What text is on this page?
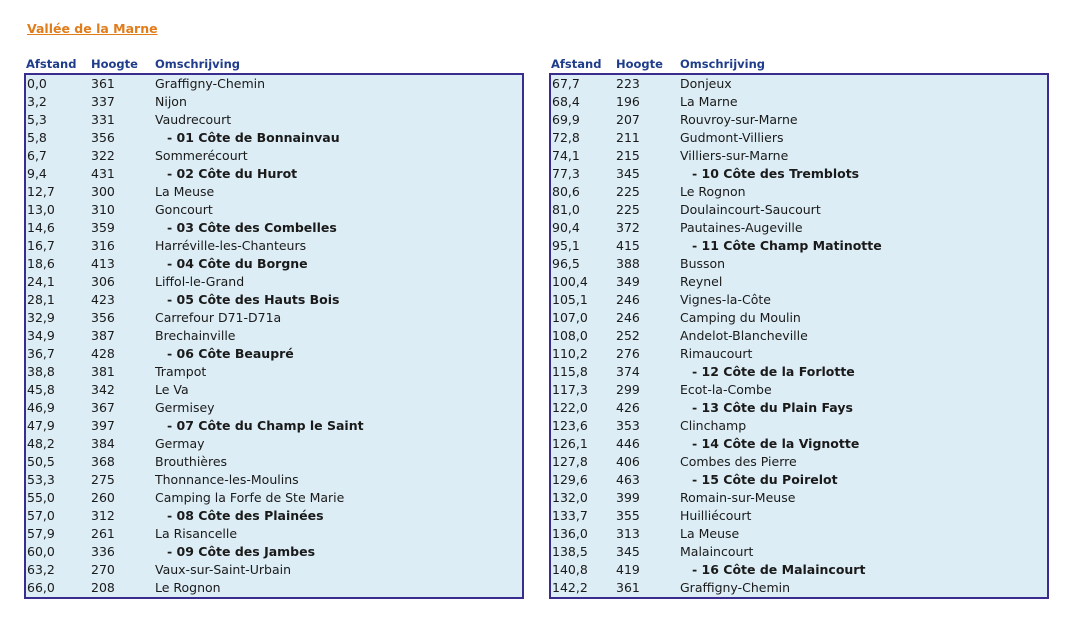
Vallée de la Marne
Afstand Hoogte Omschrijving
0,0	361	Graffigny-Chemin
3,2	337	Nijon
5,3	331	Vaudrecourt
5,8	356	- 01 Côte de Bonnainvau
6,7	322	Sommerécourt
9,4	431	- 02 Côte du Hurot
12,7	300	La Meuse
13,0	310	Goncourt
14,6	359	- 03 Côte des Combelles
16,7	316	Harréville-les-Chanteurs
18,6	413	- 04 Côte du Borgne
24,1	306	Liffol-le-Grand
28,1	423	- 05 Côte des Hauts Bois
32,9	356	Carrefour D71-D71a
34,9	387	Brechainville
36,7	428	- 06 Côte Beaupré
38,8	381	Trampot
45,8	342	Le Va
46,9	367	Germisey
47,9	397	- 07 Côte du Champ le Saint
48,2	384	Germay
50,5	368	Brouthières
53,3	275	Thonnance-les-Moulins
55,0	260	Camping la Forfe de Ste Marie
57,0	312	- 08 Côte des Plainées
57,9	261	La Risancelle
60,0	336	- 09 Côte des Jambes
63,2	270	Vaux-sur-Saint-Urbain
66,0	208	Le Rognon
Afstand Hoogte Omschrijving
67,7	223	Donjeux
68,4	196	La Marne
69,9	207	Rouvroy-sur-Marne
72,8	211	Gudmont-Villiers
74,1	215	Villiers-sur-Marne
77,3	345	- 10 Côte des Tremblots
80,6	225	Le Rognon
81,0	225	Doulaincourt-Saucourt
90,4	372	Pautaines-Augeville
95,1	415	- 11 Côte Champ Matinotte
96,5	388	Busson
100,4 349	Reynel
105,1 246	Vignes-la-Côte
107,0 246	Camping du Moulin
108,0 252	Andelot-Blancheville
110,2 276	Rimaucourt
115,8 374	- 12 Côte de la Forlotte
117,3 299	Ecot-la-Combe
122,0 426	- 13 Côte du Plain Fays
123,6 353	Clinchamp
126,1 446	- 14 Côte de la Vignotte
127,8 406	Combes des Pierre
129,6 463	- 15 Côte du Poirelot
132,0 399	Romain-sur-Meuse
133,7 355	Huilliécourt
136,0 313	La Meuse
138,5 345	Malaincourt
140,8 419	- 16 Côte de Malaincourt
142,2 361	Graffigny-Chemin
